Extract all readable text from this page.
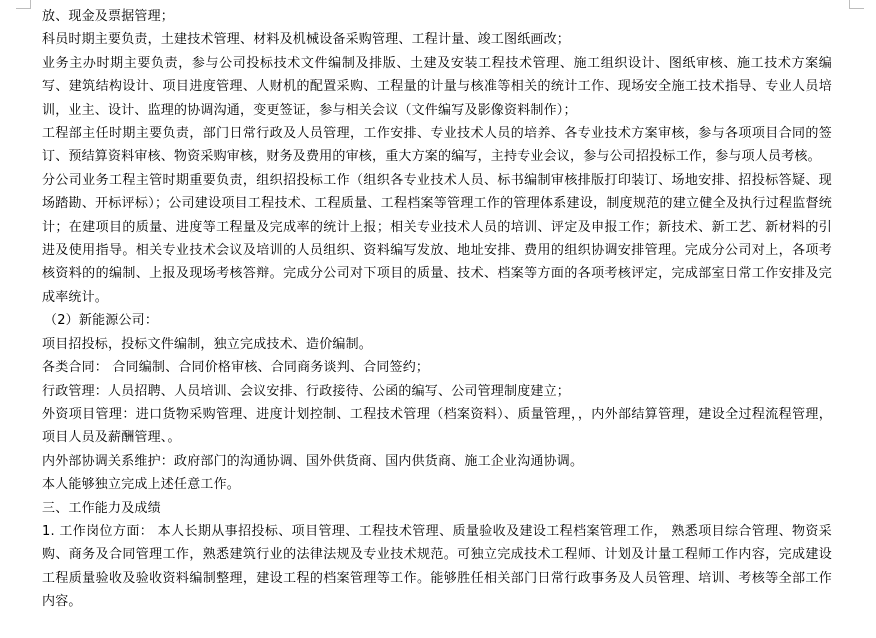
放、现金及票据管理；

科员时期主要负责，土建技术管理、材料及机械设备采购管理、工程计量、竣工图纸画改；

业务主办时期主要负责，参与公司投标技术文件编制及排版、土建及安装工程技术管理、施工组织设计、图纸审核、施工技术方案编写、建筑结构设计、项目进度管理、人财机的配置采购、工程量的计量与核准等相关的统计工作、现场安全施工技术指导、专业人员培训，业主、设计、监理的协调沟通，变更签证，参与相关会议（文件编写及影像资料制作）；

工程部主任时期主要负责，部门日常行政及人员管理，工作安排、专业技术人员的培养、各专业技术方案审核，参与各项项目合同的签订、预结算资料审核、物资采购审核，财务及费用的审核，重大方案的编写，主持专业会议，参与公司招投标工作，参与项人员考核。

分公司业务工程主管时期重要负责，组织招投标工作（组织各专业技术人员、标书编制审核排版打印装订、场地安排、招投标答疑、现场踏勘、开标评标）；公司建设项目工程技术、工程质量、工程档案等管理工作的管理体系建设，制度规范的建立健全及执行过程监督统计；在建项目的质量、进度等工程量及完成率的统计上报；相关专业技术人员的培训、评定及申报工作；新技术、新工艺、新材料的引进及使用指导。相关专业技术会议及培训的人员组织、资料编写发放、地址安排、费用的组织协调安排管理。完成分公司对上，各项考核资料的的编制、上报及现场考核答辩。完成分公司对下项目的质量、技术、档案等方面的各项考核评定，完成部室日常工作安排及完成率统计。

（2）新能源公司：

项目招投标，投标文件编制，独立完成技术、造价编制。

各类合同： 合同编制、合同价格审核、合同商务谈判、合同签约；

行政管理：人员招聘、人员培训、会议安排、行政接待、公函的编写、公司管理制度建立；

外资项目管理：进口货物采购管理、进度计划控制、工程技术管理（档案资料）、质量管理，，内外部结算管理，建设全过程流程管理，项目人员及薪酬管理、。

内外部协调关系维护：政府部门的沟通协调、国外供货商、国内供货商、施工企业沟通协调。

本人能够独立完成上述任意工作。

三、工作能力及成绩

1. 工作岗位方面： 本人长期从事招投标、项目管理、工程技术管理、质量验收及建设工程档案管理工作， 熟悉项目综合管理、物资采购、商务及合同管理工作，熟悉建筑行业的法律法规及专业技术规范。可独立完成技术工程师、计划及计量工程师工作内容，完成建设工程质量验收及验收资料编制整理，建设工程的档案管理等工作。能够胜任相关部门日常行政事务及人员管理、培训、考核等全部工作内容。
